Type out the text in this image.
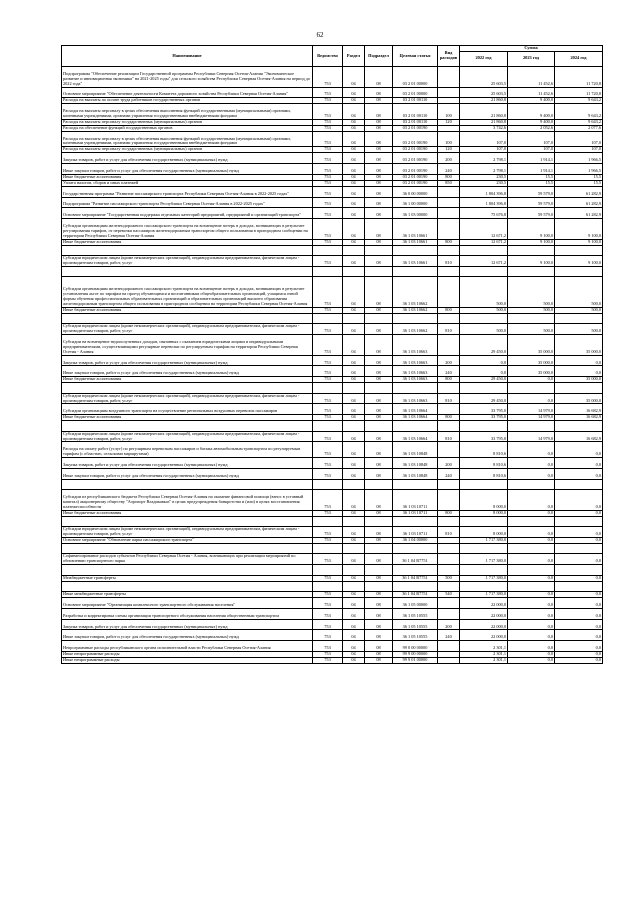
62
Наименование	Ведомство	Раздел	Подраздел	Целевая статья	Вид расходов	Сумма		
						2022 год	2023 год	2024 год
Подпрограмма "Обеспечение реализации Государственной программы Республики Северная Осетия-Алания "Экономическое развитие и инновационная экономика" на 2021-2025 годы" для сельского хозяйства Республики Северная Осетия-Алания на период до 2022 года"	753	04	08	03 2 01 00000		25 603,5	11 452,6	11 720,8
Основное мероприятие "Обеспечение деятельности Комитета дорожного хозяйства Республики Северная Осетия-Алания"	753	04	08	03 2 01 00000		25 603,5	11 452,6	11 720,8
Расходы на выплаты по оплате труда работников государственных органов	753	04	08	03 2 01 00110		21 860,8	9 400,0	9 643,2
Расходы на выплаты персоналу в целях обеспечения выполнения функций государственными (муниципальными) органами, казенными учреждениями, органами управления государственными внебюджетными фондами	753	04	08	03 2 01 00110	100	21 860,8	9 400,0	9 643,2
Расходы на выплаты персоналу государственных (муниципальных) органов	753	04	08	03 2 01 00110	120	21 860,8	9 400,0	9 643,2
Расходы на обеспечение функций государственных органов	753	04	08	03 2 01 00190		3 742,6	2 052,6	2 077,6
Расходы на выплаты персоналу в целях обеспечения выполнения функций государственными (муниципальными) органами, казенными учреждениями, органами управления государственными внебюджетными фондами	753	04	08	03 2 01 00190	100	107,0	107,0	107,0
Расходы на выплаты персоналу государственных (муниципальных) органов	753	04	08	03 2 01 00190	120	107,0	107,0	107,0
Закупка товаров, работ и услуг для обеспечения государственных (муниципальных) нужд	753	04	08	03 2 01 00190	200	2 798,1	1 914,1	1 966,5
Иные закупки товаров, работ и услуг для обеспечения государственных (муниципальных) нужд	753	04	08	03 2 01 00190	240	2 798,1	1 914,1	1 966,5
Иные бюджетные ассигнования	753	04	08	03 2 01 00190	800	230,5	15,5	15,5
Уплата налогов, сборов и иных платежей	753	04	08	03 2 01 00190	850	230,5	15,5	15,5
Государственная программа "Развитие пассажирского транспорта Республики Северная Осетия-Алания в 2022-2025 годах"	753	04	08	36 0 00 00000		1 804 396,8	59 579,0	61 282,9
Подпрограмма "Развитие пассажирского транспорта Республики Северная Осетия-Алания в 2022-2025 годах"	753	04	08	36 1 00 00000		1 804 396,8	59 579,0	61 282,9
Основное мероприятие "Государственная поддержка отдельных категорий предприятий, предприятий и организаций транспорта"	753	04	08	36 1 03 00000		75 676,8	59 579,0	61 282,9
Субсидии организациям железнодорожного пассажирского транспорта на возмещение потерь в доходах, возникающих в результате регулирования тарифов, от перевозки пассажиров железнодорожным транспортом общего пользования в пригородном сообщении на территории Республики Северная Осетия-Алания	753	04	08	36 1 03 10661		12 671,2	9 100,0	9 100,0
Иные бюджетные ассигнования	753	04	08	36 1 03 10661	800	12 671,2	9 100,0	9 100,0

Субсидии юридическим лицам (кроме некоммерческих организаций), индивидуальным предпринимателям, физическим лицам - производителям товаров, работ, услуг	753	04	08	36 1 03 10661	810	12 671,2	9 100,0	9 100,0

Субсидии организациям железнодорожного пассажирского транспорта на возмещение потерь в доходах, возникающих в результате установления льгот по тарифам на проезд обучающимся и воспитанникам общеобразовательных организаций, учащимся очной формы обучения профессиональных образовательных организаций и образовательных организаций высшего образования железнодорожным транспортом общего пользования в пригородном сообщении на территории Республики Северная Осетия-Алания	753	04	08	36 1 03 10662		500,0	500,0	500,0
Иные бюджетные ассигнования	753	04	08	36 1 03 10662	800	500,0	500,0	500,0

Субсидии юридическим лицам (кроме некоммерческих организаций), индивидуальным предпринимателям, физическим лицам - производителям товаров, работ, услуг	753	04	08	36 1 03 10662	810	500,0	500,0	500,0
Субсидии на возмещение недополученных доходов, связанных с оказанием юридическими лицами и индивидуальными предпринимателями, осуществляющими регулярные перевозки по регулируемым тарифам на территории Республики Северная Осетия - Алания	753	04	08	36 1 03 10663		29 450,0	35 000,0	35 000,0
Закупка товаров, работ и услуг для обеспечения государственных (муниципальных) нужд	753	04	08	36 1 03 10663	200	0,0	35 000,0	0,0
Иные закупки товаров, работ и услуг для обеспечения государственных (муниципальных) нужд	753	04	08	36 1 03 10663	240	0,0	35 000,0	0,0
Иные бюджетные ассигнования	753	04	08	36 1 03 10663	800	29 450,0	0,0	35 000,0

Субсидии юридическим лицам (кроме некоммерческих организаций), индивидуальным предпринимателям, физическим лицам - производителям товаров, работ, услуг	753	04	08	36 1 03 10663	810	29 450,0	0,0	35 000,0
Субсидии организациям воздушного транспорта на осуществление региональных воздушных перевозок пассажиров	753	04	08	36 1 03 10664		33 795,0	14 979,0	16 682,9
Иные бюджетные ассигнования	753	04	08	36 1 03 10664	800	33 795,0	14 979,0	16 682,9

Субсидии юридическим лицам (кроме некоммерческих организаций), индивидуальным предпринимателям, физическим лицам - производителям товаров, работ, услуг	753	04	08	36 1 03 10664	810	33 795,0	14 979,0	16 682,9
Расходы на оплату работ (услуг) по регулярным перевозкам пассажиров и багажа автомобильным транспортом по регулируемым тарифам (с областью, сельскими маршрутами)	753	04	08	36 1 03 10848		8 810,6	0,0	0,0
Закупка товаров, работ и услуг для обеспечения государственных (муниципальных) нужд	753	04	08	36 1 03 10848	200	8 810,6	0,0	0,0
Иные закупки товаров, работ и услуг для обеспечения государственных (муниципальных) нужд	753	04	08	36 1 03 10848	240	8 810,6	0,0	0,0

Субсидии из республиканского бюджета Республики Северная Осетия-Алания на оказание финансовой помощи (взнос в уставный капитал) акционерному обществу "Аэропорт Владикавказ" в целях предупреждения банкротства и (или) в целях восстановления платежеспособности	753	04	08	36 1 03 10711		8 000,0	0,0	0,0
Иные бюджетные ассигнования	753	04	08	36 1 03 10711	800	8 000,0	0,0	0,0

Субсидии юридическим лицам (кроме некоммерческих организаций), индивидуальным предпринимателям, физическим лицам - производителям товаров, работ, услуг	753	04	08	36 1 03 10711	810	8 000,0	0,0	0,0
Основное мероприятие "Обновление парка пассажирского транспорта"	753	04	08	36 1 04 00000		1 717 380,0	0,0	0,0

Софинансирование расходов субъектов Республики Северная Осетия - Алания, возникающих при реализации мероприятий по обновлению транспортного парка	753	04	08	36 1 04 R7751		1 717 380,0	0,0	0,0

Межбюджетные трансферты	753	04	08	36 1 04 R7751	500	1 717 380,0	0,0	0,0

Иные межбюджетные трансферты	753	04	08	36 1 04 R7751	540	1 717 380,0	0,0	0,0
Основное мероприятие "Организация комплексного транспортного обслуживания населения"	753	04	08	36 1 05 00000		22 000,0	0,0	0,0
Разработка и корректировка схемы организации транспортного обслуживания населения общественным транспортом	753	04	08	36 1 05 10555		22 000,0	0,0	0,0
Закупка товаров, работ и услуг для обеспечения государственных (муниципальных) нужд	753	04	08	36 1 05 10555	200	22 000,0	0,0	0,0
Иные закупки товаров, работ и услуг для обеспечения государственных (муниципальных) нужд	753	04	08	36 1 05 10555	240	22 000,0	0,0	0,0
Непрограммные расходы республиканского органа исполнительной власти Республики Северная Осетия-Алания	753	04	08	99 0 00 00000		2 301,1	0,0	0,0
Иные непрограммные расходы	753	04	08	99 9 00 00000		2 301,1	0,0	0,0
Иные непрограммные расходы	753	04	08	99 9 01 00000		2 301,1	0,0	0,0
